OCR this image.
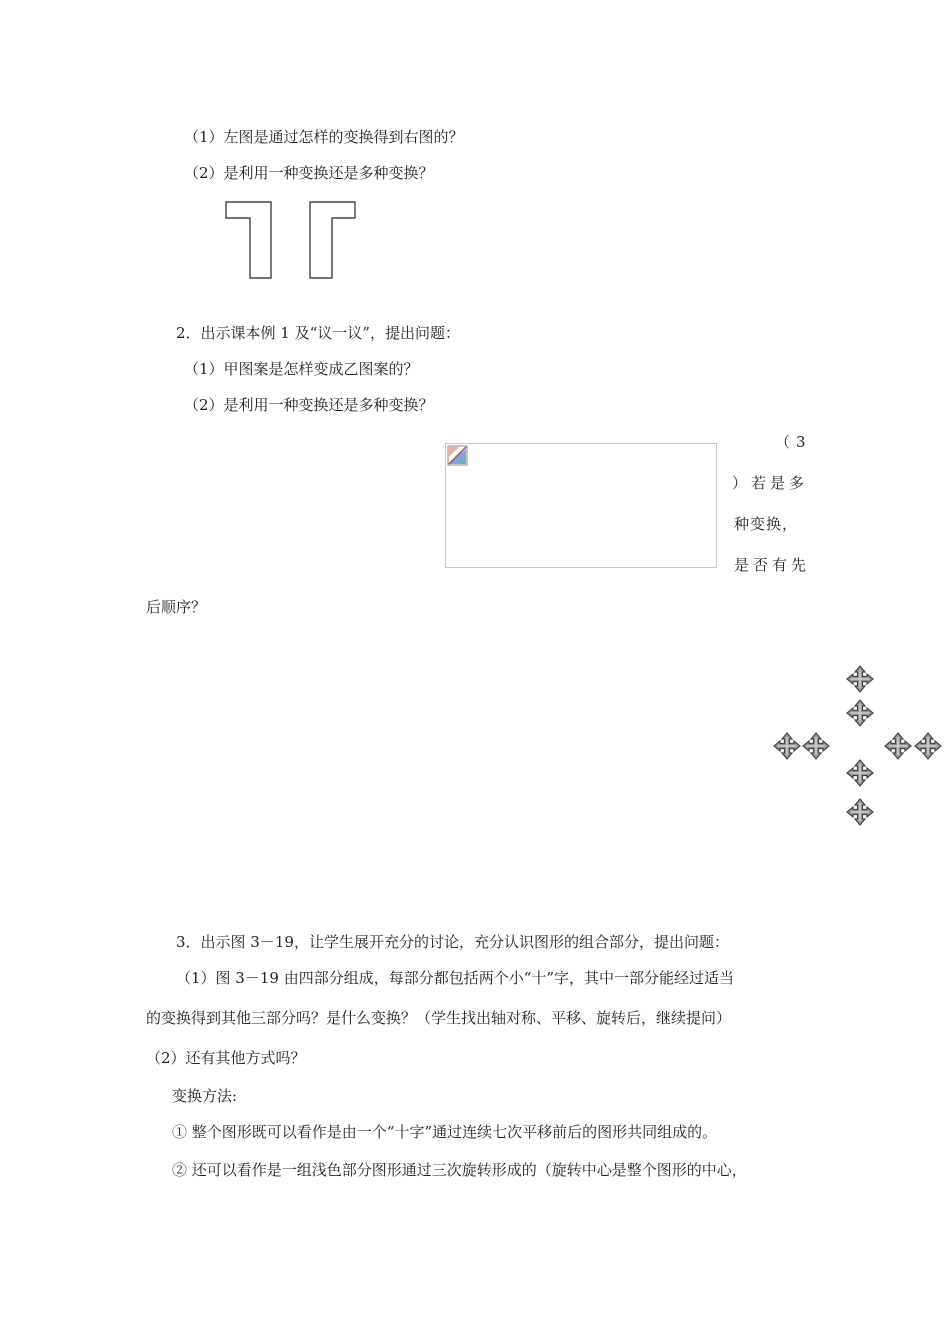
（1）左图是通过怎样的变换得到右图的？
（2）是利用一种变换还是多种变换？
2．出示课本例 1 及“议一议”，提出问题：
（1）甲图案是怎样变成乙图案的？
（2）是利用一种变换还是多种变换？
（ 3
）若是多
种变换，
是否有先
后顺序？
3．出示图 3－19，让学生展开充分的讨论，充分认识图形的组合部分，提出问题：
（1）图 3－19 由四部分组成，每部分都包括两个小“十”字，其中一部分能经过适当
的变换得到其他三部分吗？是什么变换？（学生找出轴对称、平移、旋转后，继续提问）
（2）还有其他方式吗？
变换方法:
① 整个图形既可以看作是由一个“十字”通过连续七次平移前后的图形共同组成的。
② 还可以看作是一组浅色部分图形通过三次旋转形成的（旋转中心是整个图形的中心，
